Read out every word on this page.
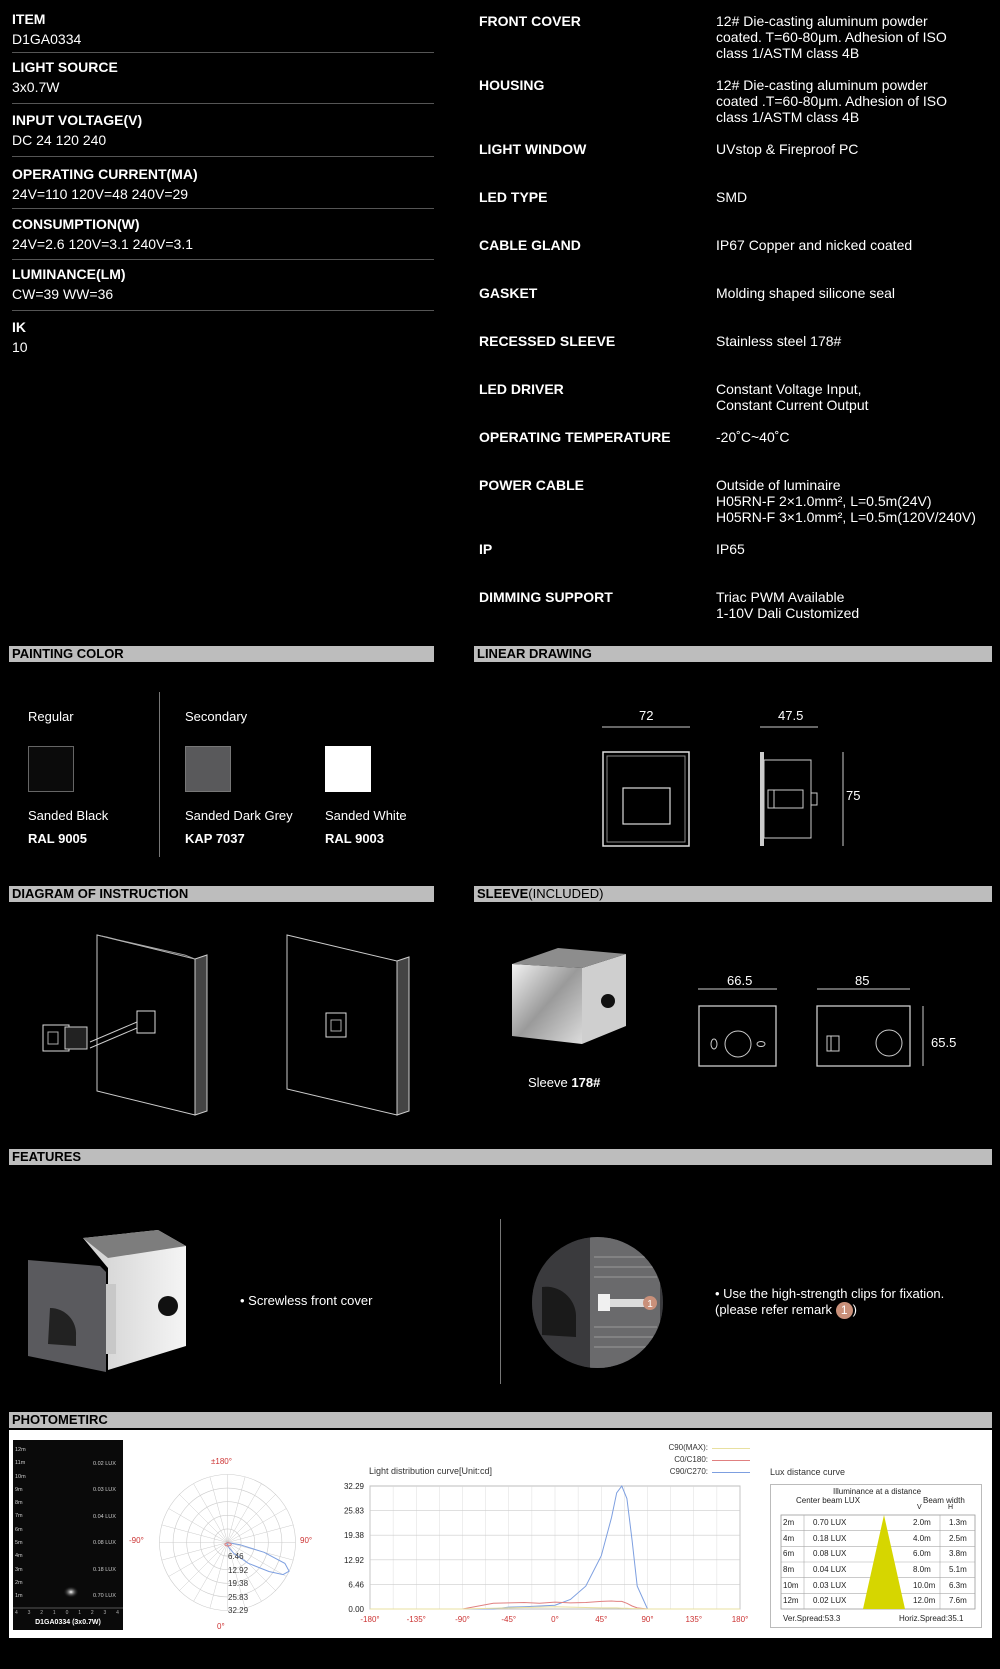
ITEM
D1GA0334
LIGHT SOURCE
3x0.7W
INPUT VOLTAGE(V)
DC 24 120 240
OPERATING CURRENT(MA)
24V=110 120V=48 240V=29
CONSUMPTION(W)
24V=2.6 120V=3.1 240V=3.1
LUMINANCE(LM)
CW=39 WW=36
IK
10
FRONT COVER	12# Die-casting aluminum powder
coated. T=60-80μm. Adhesion of ISO
class 1/ASTM class 4B
HOUSING	12# Die-casting aluminum powder
coated .T=60-80μm. Adhesion of ISO
class 1/ASTM class 4B
LIGHT WINDOW	UVstop & Fireproof PC
LED TYPE	SMD
CABLE GLAND	IP67 Copper and nicked coated
GASKET	Molding shaped silicone seal
RECESSED SLEEVE	Stainless steel 178#
LED DRIVER	Constant Voltage Input,
Constant Current Output
OPERATING TEMPERATURE	-20˚C~40˚C
POWER CABLE	Outside of luminaire
H05RN-F 2×1.0mm², L=0.5m(24V)
H05RN-F 3×1.0mm², L=0.5m(120V/240V)
IP	IP65
DIMMING SUPPORT	Triac PWM Available
1-10V Dali Customized
PAINTING COLOR	LINEAR DRAWING
DIAGRAM OF INSTRUCTION	SLEEVE(INCLUDED)
FEATURES
PHOTOMETIRC
Regular	Secondary
Sanded Black
RAL 9005
Sanded Dark Grey
KAP 7037
Sanded White
RAL 9003
72	47.5
75
Sleeve 178#
66.5	85
65.5
• Screwless front cover	1
• Use the high-strength clips for fixation.
(please refer remark 1 )
12m
11m
10m
9m
8m
7m
6m
5m
4m
3m
2m
1m
0.02 LUX
0.03 LUX
0.04 LUX
0.08 LUX
0.18 LUX
0.70 LUX
4 3 2 1 0 1 2 3 4
D1GA0334 (3x0.7W)
±180°
-90°	90°
0°
6.46
12.92
19.38
25.83
32.29
C90(MAX):
C0/C180:
C90/C270:
Light distribution curve[Unit:cd]
0.00
6.46
12.92
19.38
25.83
32.29
-180°	-135°	-90°	-45°	0°	45°	90°	135°	180°
Lux distance curve
Illuminance at a distance
Center beam LUX	Beam width
V	H
2m 0.70 LUX	2.0m 1.3m
4m 0.18 LUX	4.0m 2.5m
6m 0.08 LUX	6.0m 3.8m
8m 0.04 LUX	8.0m 5.1m
10m 0.03 LUX	10.0m 6.3m
12m 0.02 LUX	12.0m 7.6m
Ver.Spread:53.3	Horiz.Spread:35.1
